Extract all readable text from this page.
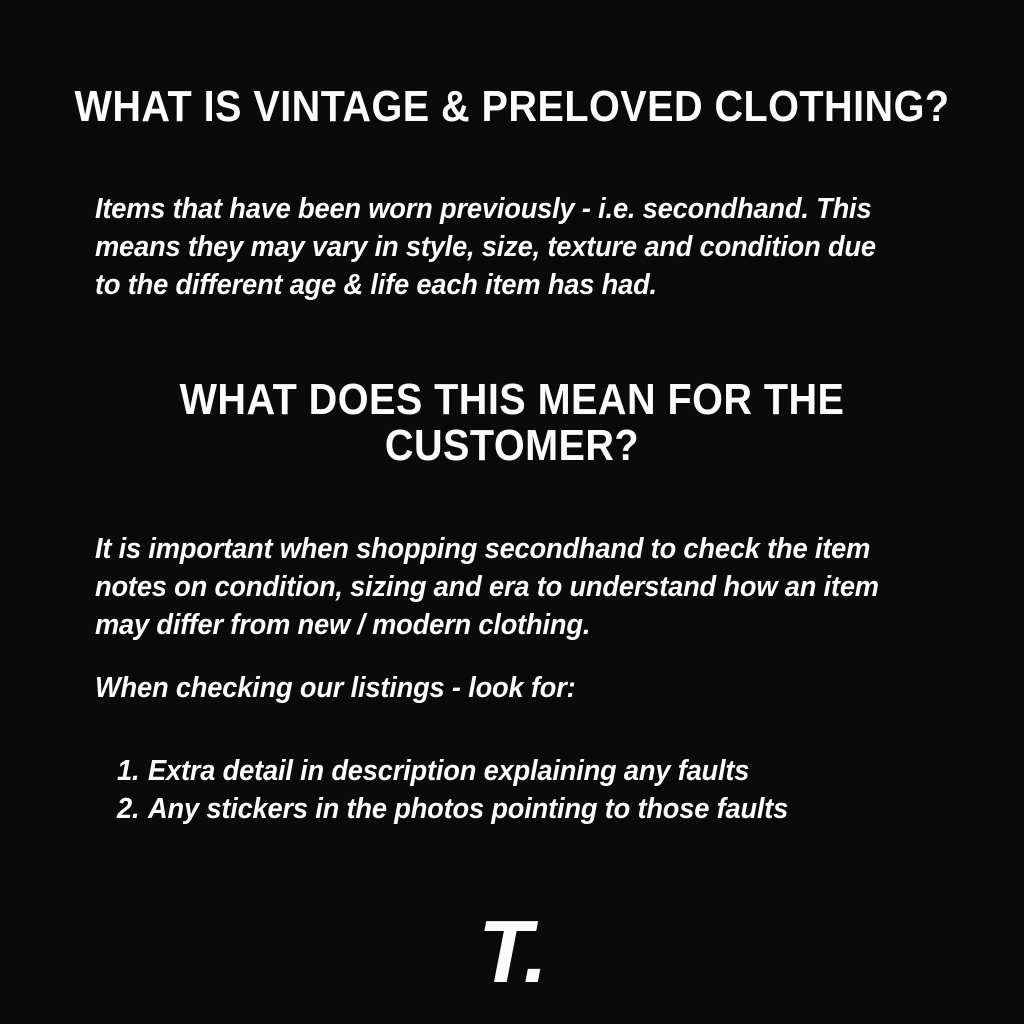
WHAT IS VINTAGE & PRELOVED CLOTHING?
Items that have been worn previously - i.e. secondhand. This
means they may vary in style, size, texture and condition due
to the different age & life each item has had.
WHAT DOES THIS MEAN FOR THE
CUSTOMER?
It is important when shopping secondhand to check the item
notes on condition, sizing and era to understand how an item
may differ from new / modern clothing.
When checking our listings - look for:
1. Extra detail in description explaining any faults
2. Any stickers in the photos pointing to those faults
T.
